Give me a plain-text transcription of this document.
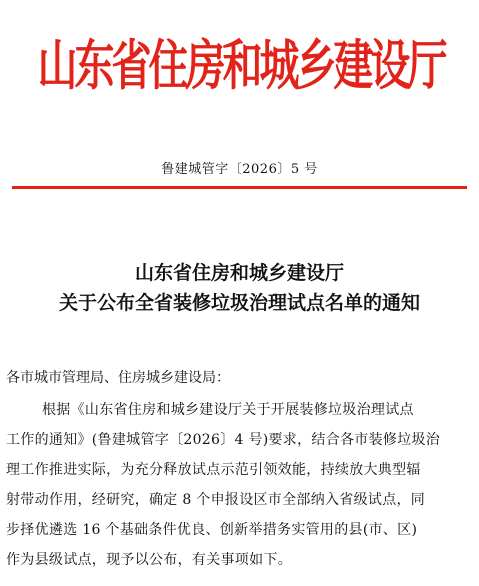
山东省住房和城乡建设厅
鲁建城管字〔2026〕5 号
山东省住房和城乡建设厅
关于公布全省装修垃圾治理试点名单的通知
各市城市管理局、住房城乡建设局：
根据《山东省住房和城乡建设厅关于开展装修垃圾治理试点
工作的通知》(鲁建城管字〔2026〕4 号)要求，结合各市装修垃圾治
理工作推进实际，为充分释放试点示范引领效能，持续放大典型辐
射带动作用，经研究，确定 8 个申报设区市全部纳入省级试点，同
步择优遴选 16 个基础条件优良、创新举措务实管用的县(市、区)
作为县级试点，现予以公布，有关事项如下。
